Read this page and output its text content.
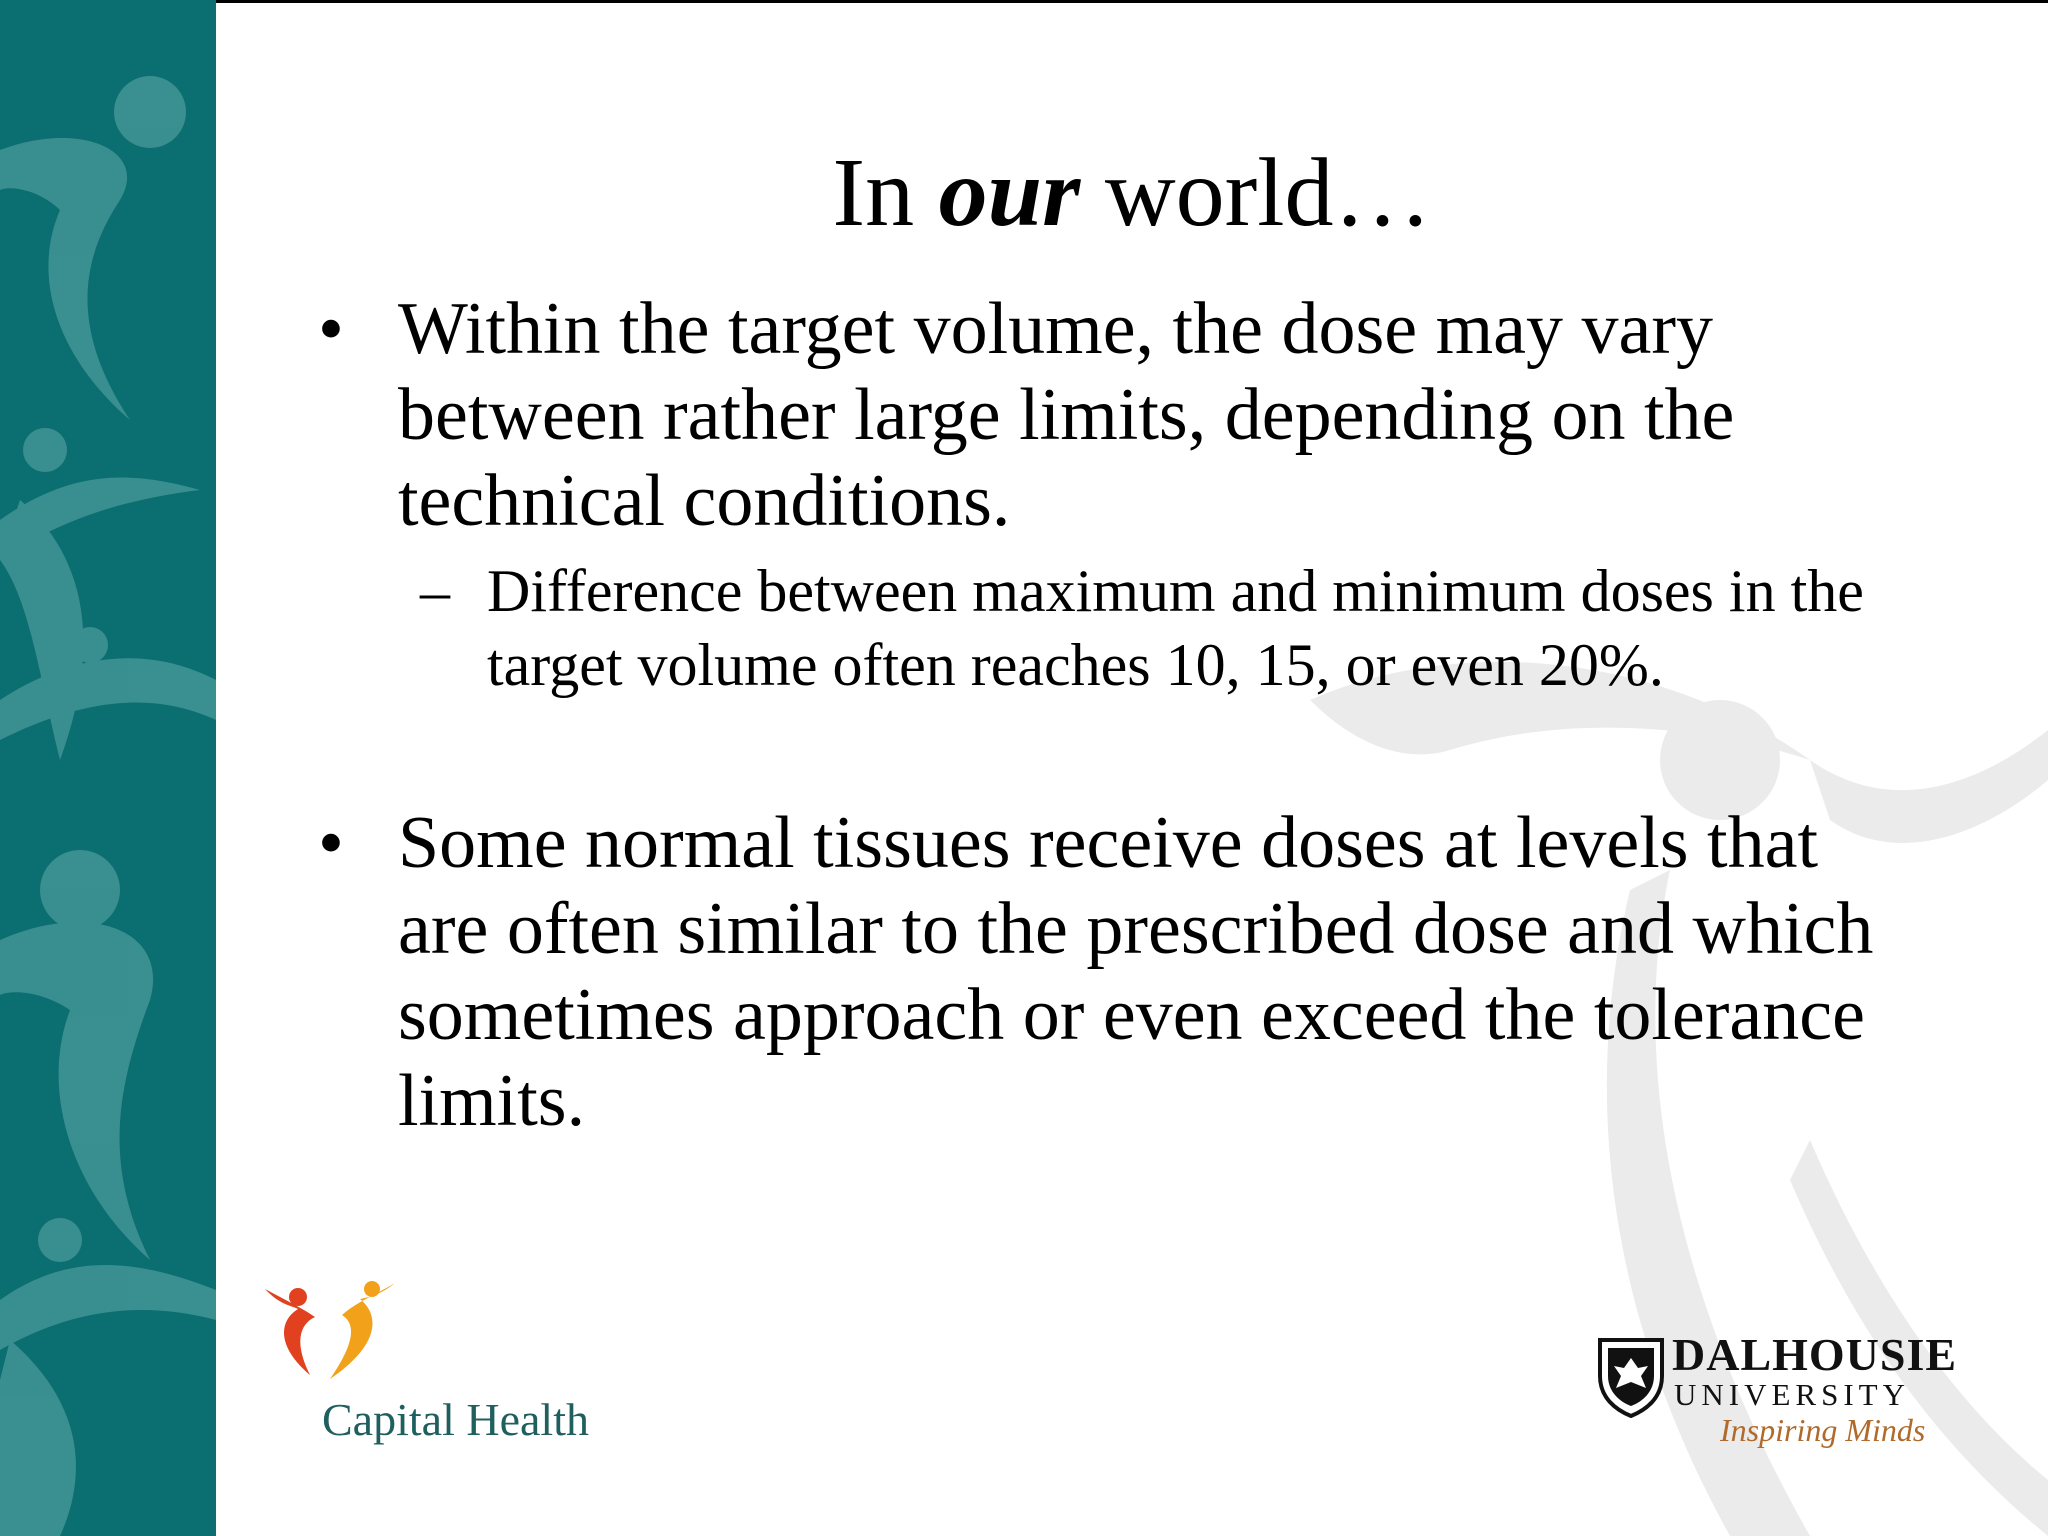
In our world…
• Within the target volume, the dose may vary between rather large limits, depending on the technical conditions.

– Difference between maximum and minimum doses in the target volume often reaches 10, 15, or even 20%.

• Some normal tissues receive doses at levels that are often similar to the prescribed dose and which sometimes approach or even exceed the tolerance limits.

Capital Health
DALHOUSIE
UNIVERSITY
Inspiring Minds
